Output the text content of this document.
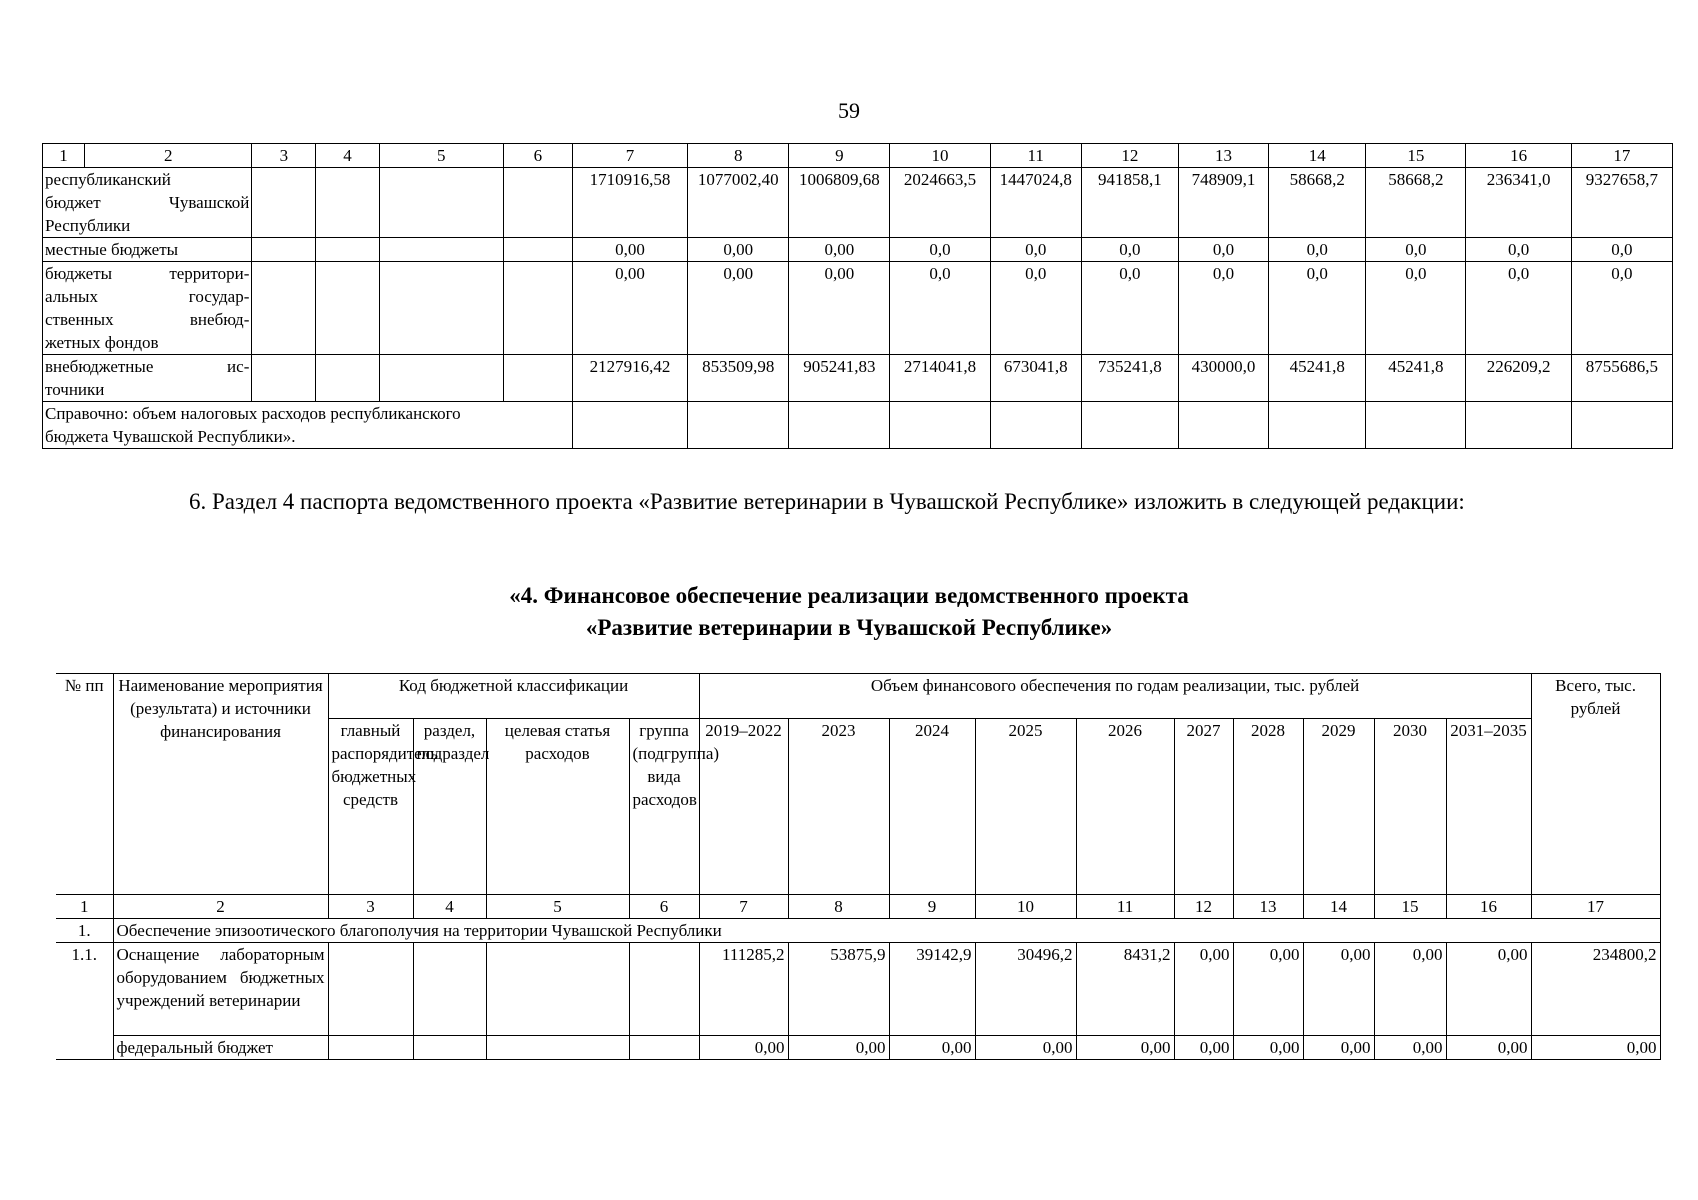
59
1	2	3	4	5	6	7	8	9	10	11	12	13	14	15	16	17

республиканский
бюджет Чувашской
Республики						1710916,58	1077002,40	1006809,68	2024663,5	1447024,8	941858,1	748909,1	58668,2	58668,2	236341,0	9327658,7

местные бюджеты						0,00	0,00	0,00	0,0	0,0	0,0	0,0	0,0	0,0	0,0	0,0

бюджеты территори-
альных государ-
ственных внебюд-
жетных фондов						0,00	0,00	0,00	0,0	0,0	0,0	0,0	0,0	0,0	0,0	0,0

внебюджетные ис-
точники						2127916,42	853509,98	905241,83	2714041,8	673041,8	735241,8	430000,0	45241,8	45241,8	226209,2	8755686,5

Справочно: объем налоговых расходов республиканского
бюджета Чувашской Республики».																

6. Раздел 4 паспорта ведомственного проекта «Развитие ветеринарии в Чувашской Республике» изложить в следующей редакции:
«4. Финансовое обеспечение реализации ведомственного проекта
«Развитие ветеринарии в Чувашской Республике»
№ пп	Наименование мероприятия (результата) и источники финансирования	Код бюджетной классификации				Объем финансового обеспечения по годам реализации, тыс. рублей										Всего, тыс. рублей
		главный распорядитель бюджетных средств	раздел, подраздел	целевая статья расходов	группа (подгруппа) вида расходов	2019–2022	2023	2024	2025	2026	2027	2028	2029	2030	2031–2035	
1	2	3	4	5	6	7	8	9	10	11	12	13	14	15	16	17
1.	Обеспечение эпизоотического благополучия на территории Чувашской Республики															
1.1.	Оснащение лабораторным оборудованием бюджетных учреждений ветеринарии					111285,2	53875,9	39142,9	30496,2	8431,2	0,00	0,00	0,00	0,00	0,00	234800,2
	федеральный бюджет					0,00	0,00	0,00	0,00	0,00	0,00	0,00	0,00	0,00	0,00	0,00
